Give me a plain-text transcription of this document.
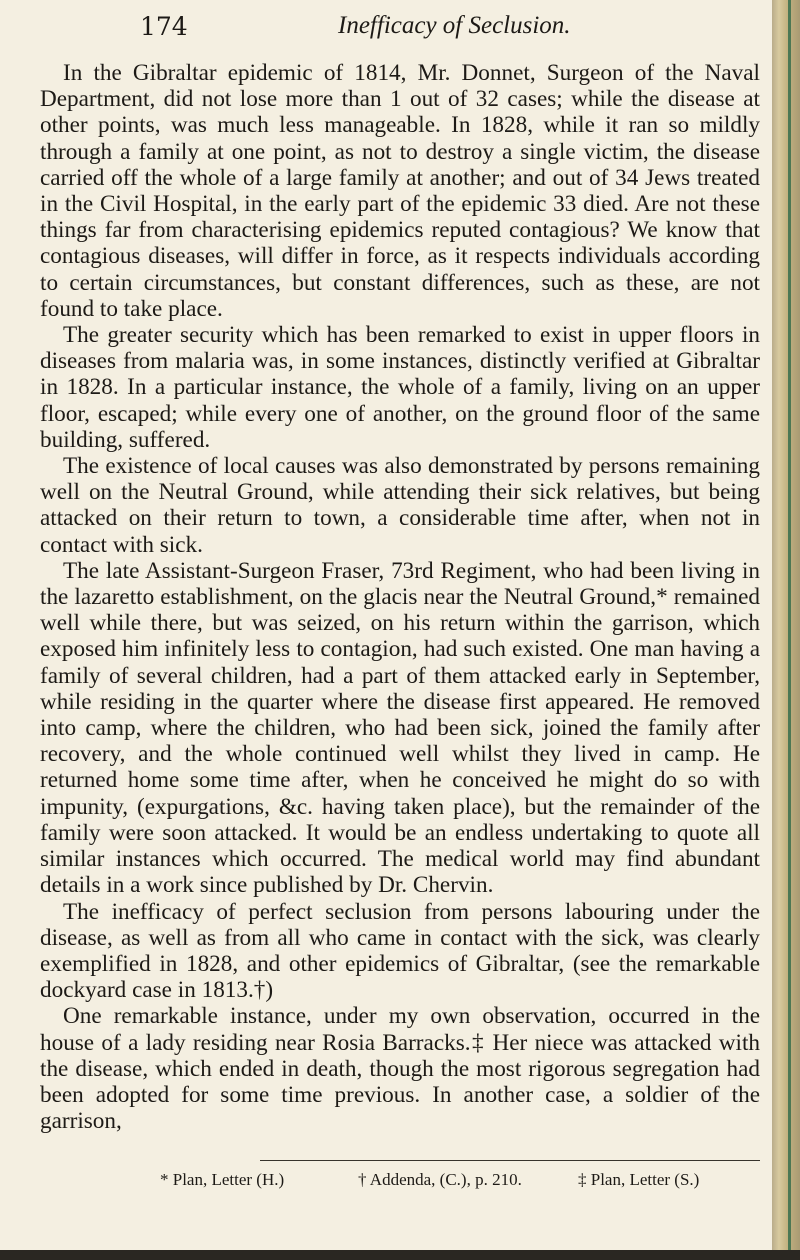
174	Inefficacy of Seclusion.

In the Gibraltar epidemic of 1814, Mr. Donnet, Surgeon of the Naval Department, did not lose more than 1 out of 32 cases; while the disease at other points, was much less manageable. In 1828, while it ran so mildly through a family at one point, as not to destroy a single victim, the disease carried off the whole of a large family at another; and out of 34 Jews treated in the Civil Hospital, in the early part of the epidemic 33 died. Are not these things far from characterising epidemics reputed contagious? We know that contagious diseases, will differ in force, as it respects individuals according to certain circumstances, but constant differences, such as these, are not found to take place.

The greater security which has been remarked to exist in upper floors in diseases from malaria was, in some instances, distinctly verified at Gibraltar in 1828. In a particular instance, the whole of a family, living on an upper floor, escaped; while every one of another, on the ground floor of the same building, suffered.

The existence of local causes was also demonstrated by persons remaining well on the Neutral Ground, while attending their sick relatives, but being attacked on their return to town, a considerable time after, when not in contact with sick.

The late Assistant-Surgeon Fraser, 73rd Regiment, who had been living in the lazaretto establishment, on the glacis near the Neutral Ground,* remained well while there, but was seized, on his return within the garrison, which exposed him infinitely less to contagion, had such existed. One man having a family of several children, had a part of them attacked early in September, while residing in the quarter where the disease first appeared. He removed into camp, where the children, who had been sick, joined the family after recovery, and the whole continued well whilst they lived in camp. He returned home some time after, when he conceived he might do so with impunity, (expurgations, &c. having taken place), but the remainder of the family were soon attacked. It would be an endless undertaking to quote all similar instances which occurred. The medical world may find abundant details in a work since published by Dr. Chervin.

The inefficacy of perfect seclusion from persons labouring under the disease, as well as from all who came in contact with the sick, was clearly exemplified in 1828, and other epidemics of Gibraltar, (see the remarkable dockyard case in 1813.†)

One remarkable instance, under my own observation, occurred in the house of a lady residing near Rosia Barracks.‡ Her niece was attacked with the disease, which ended in death, though the most rigorous segregation had been adopted for some time previous. In another case, a soldier of the garrison,

* Plan, Letter (H.)	† Addenda, (C.), p. 210.	‡ Plan, Letter (S.)
